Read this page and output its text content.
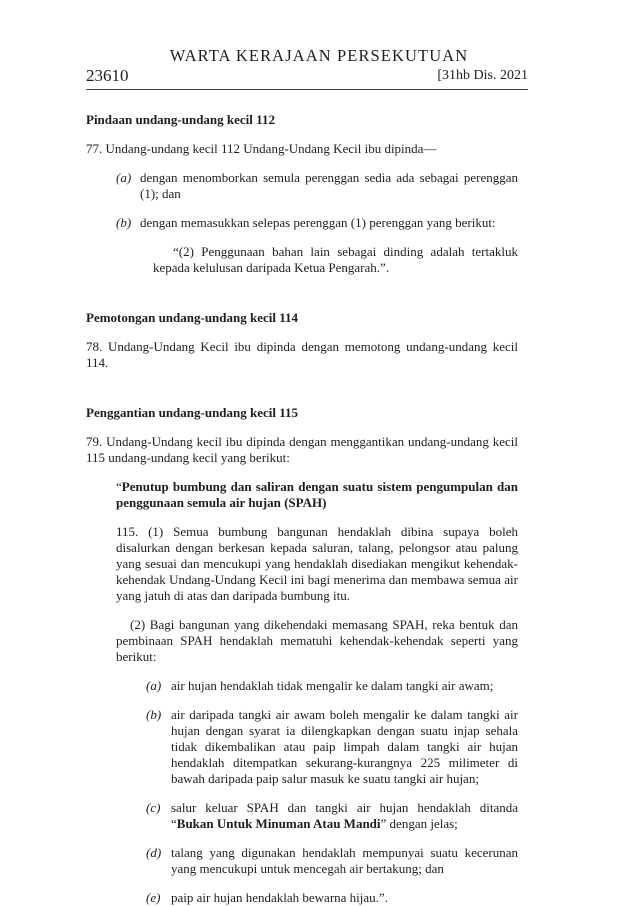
WARTA KERAJAAN PERSEKUTUAN
23610	[31hb Dis. 2021

Pindaan undang-undang kecil 112

77. Undang-undang kecil 112 Undang-Undang Kecil ibu dipinda—

(a) dengan menomborkan semula perenggan sedia ada sebagai perenggan (1); dan
(b) dengan memasukkan selepas perenggan (1) perenggan yang berikut:

“(2) Penggunaan bahan lain sebagai dinding adalah tertakluk kepada kelulusan daripada Ketua Pengarah.”.

Pemotongan undang-undang kecil 114

78. Undang-Undang Kecil ibu dipinda dengan memotong undang-undang kecil 114.

Penggantian undang-undang kecil 115

79. Undang-Undang kecil ibu dipinda dengan menggantikan undang-undang kecil 115 undang-undang kecil yang berikut:

“Penutup bumbung dan saliran dengan suatu sistem pengumpulan dan penggunaan semula air hujan (SPAH)

115. (1) Semua bumbung bangunan hendaklah dibina supaya boleh disalurkan dengan berkesan kepada saluran, talang, pelongsor atau palung yang sesuai dan mencukupi yang hendaklah disediakan mengikut kehendak-kehendak Undang-Undang Kecil ini bagi menerima dan membawa semua air yang jatuh di atas dan daripada bumbung itu.

(2) Bagi bangunan yang dikehendaki memasang SPAH, reka bentuk dan pembinaan SPAH hendaklah mematuhi kehendak-kehendak seperti yang berikut:

(a) air hujan hendaklah tidak mengalir ke dalam tangki air awam;
(b) air daripada tangki air awam boleh mengalir ke dalam tangki air hujan dengan syarat ia dilengkapkan dengan suatu injap sehala tidak dikembalikan atau paip limpah dalam tangki air hujan hendaklah ditempatkan sekurang-kurangnya 225 milimeter di bawah daripada paip salur masuk ke suatu tangki air hujan;
(c) salur keluar SPAH dan tangki air hujan hendaklah ditanda “Bukan Untuk Minuman Atau Mandi” dengan jelas;
(d) talang yang digunakan hendaklah mempunyai suatu kecerunan yang mencukupi untuk mencegah air bertakung; dan
(e) paip air hujan hendaklah bewarna hijau.”.
